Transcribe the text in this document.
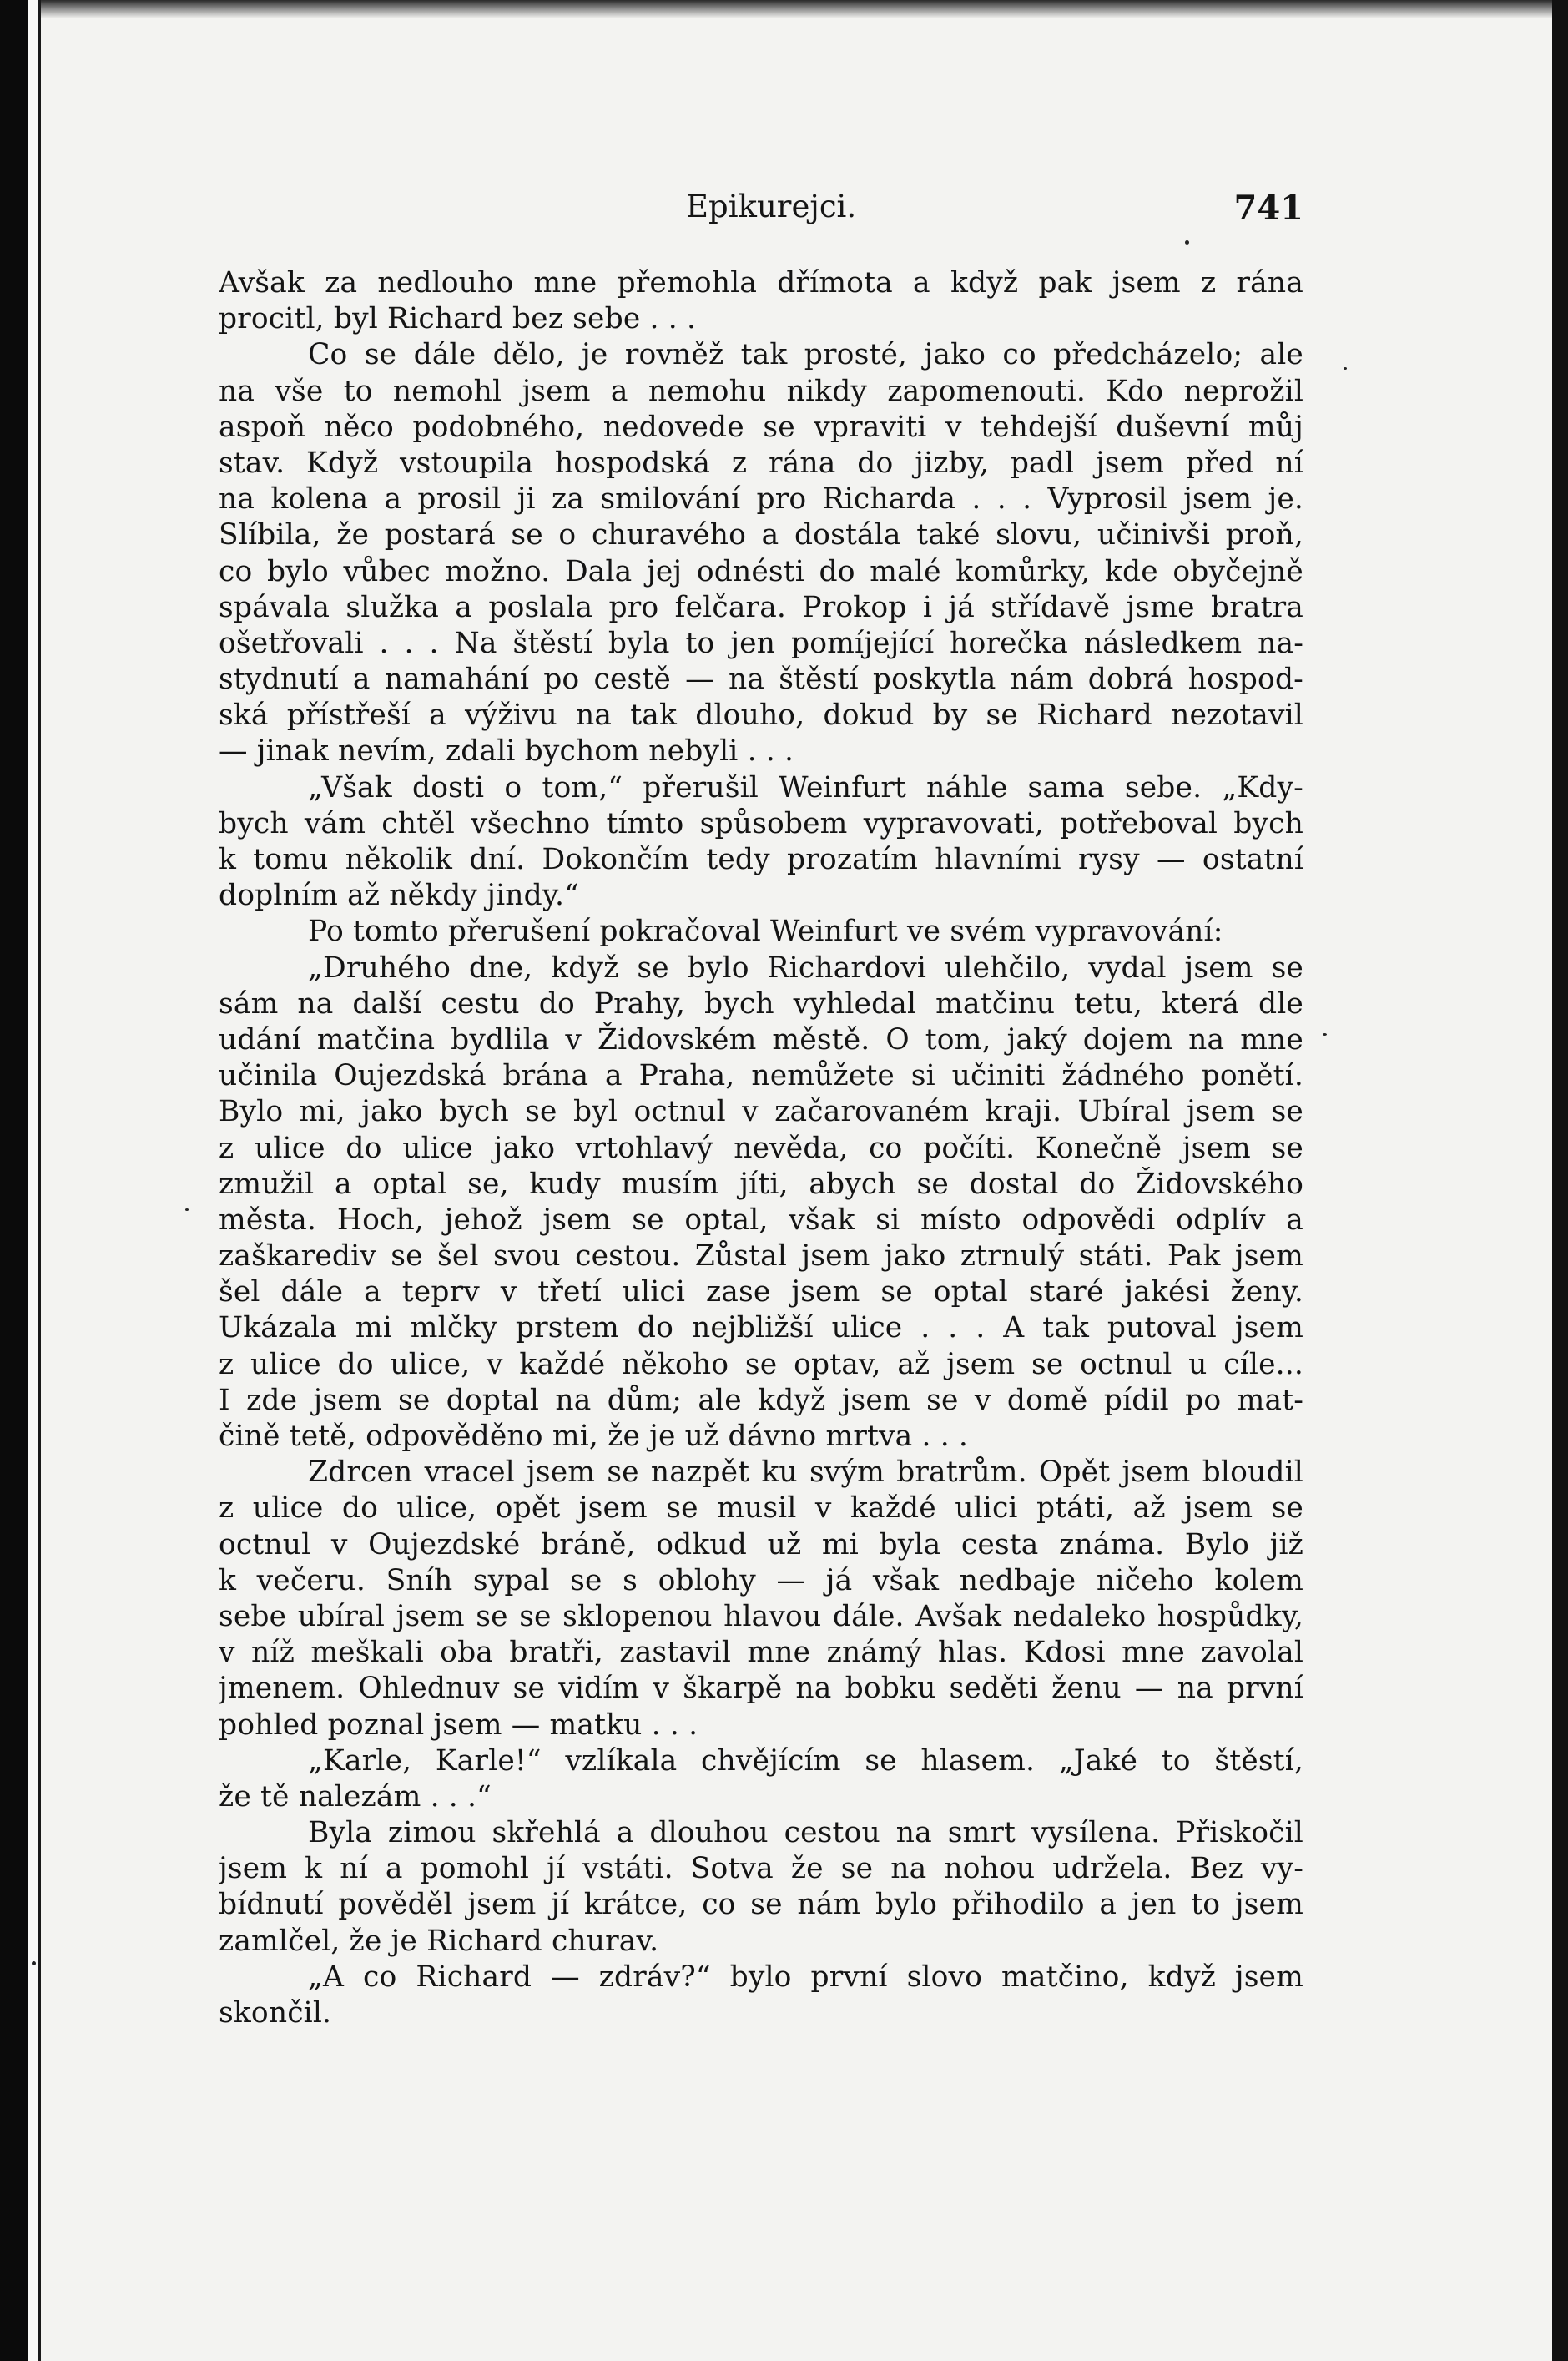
Epikurejci.	741
Avšak za nedlouho mne přemohla dřímota a když pak jsem z rána
procitl, byl Richard bez sebe . . .
Co se dále dělo, je rovněž tak prosté, jako co předcházelo; ale
na vše to nemohl jsem a nemohu nikdy zapomenouti. Kdo neprožil
aspoň něco podobného, nedovede se vpraviti v tehdejší duševní můj
stav. Když vstoupila hospodská z rána do jizby, padl jsem před ní
na kolena a prosil ji za smilování pro Richarda . . . Vyprosil jsem je.
Slíbila, že postará se o churavého a dostála také slovu, učinivši proň,
co bylo vůbec možno. Dala jej odnésti do malé komůrky, kde obyčejně
spávala služka a poslala pro felčara. Prokop i já střídavě jsme bratra
ošetřovali . . . Na štěstí byla to jen pomíjející horečka následkem na-
stydnutí a namahání po cestě — na štěstí poskytla nám dobrá hospod-
ská přístřeší a výživu na tak dlouho, dokud by se Richard nezotavil
— jinak nevím, zdali bychom nebyli . . .
„Však dosti o tom,“ přerušil Weinfurt náhle sama sebe. „Kdy-
bych vám chtěl všechno tímto spůsobem vypravovati, potřeboval bych
k tomu několik dní. Dokončím tedy prozatím hlavními rysy — ostatní
doplním až někdy jindy.“
Po tomto přerušení pokračoval Weinfurt ve svém vypravování:
„Druhého dne, když se bylo Richardovi ulehčilo, vydal jsem se
sám na další cestu do Prahy, bych vyhledal matčinu tetu, která dle
udání matčina bydlila v Židovském městě. O tom, jaký dojem na mne
učinila Oujezdská brána a Praha, nemůžete si učiniti žádného ponětí.
Bylo mi, jako bych se byl octnul v začarovaném kraji. Ubíral jsem se
z ulice do ulice jako vrtohlavý nevěda, co počíti. Konečně jsem se
zmužil a optal se, kudy musím jíti, abych se dostal do Židovského
města. Hoch, jehož jsem se optal, však si místo odpovědi odplív a
zaškarediv se šel svou cestou. Zůstal jsem jako ztrnulý státi. Pak jsem
šel dále a teprv v třetí ulici zase jsem se optal staré jakési ženy.
Ukázala mi mlčky prstem do nejbližší ulice . . . A tak putoval jsem
z ulice do ulice, v každé někoho se optav, až jsem se octnul u cíle...
I zde jsem se doptal na dům; ale když jsem se v domě pídil po mat-
čině tetě, odpověděno mi, že je už dávno mrtva . . .
Zdrcen vracel jsem se nazpět ku svým bratrům. Opět jsem bloudil
z ulice do ulice, opět jsem se musil v každé ulici ptáti, až jsem se
octnul v Oujezdské bráně, odkud už mi byla cesta známa. Bylo již
k večeru. Sníh sypal se s oblohy — já však nedbaje ničeho kolem
sebe ubíral jsem se se sklopenou hlavou dále. Avšak nedaleko hospůdky,
v níž meškali oba bratři, zastavil mne známý hlas. Kdosi mne zavolal
jmenem. Ohlednuv se vidím v škarpě na bobku seděti ženu — na první
pohled poznal jsem — matku . . .
„Karle, Karle!“ vzlíkala chvějícím se hlasem. „Jaké to štěstí,
že tě nalezám . . .“
Byla zimou skřehlá a dlouhou cestou na smrt vysílena. Přiskočil
jsem k ní a pomohl jí vstáti. Sotva že se na nohou udržela. Bez vy-
bídnutí pověděl jsem jí krátce, co se nám bylo přihodilo a jen to jsem
zamlčel, že je Richard churav.
„A co Richard — zdráv?“ bylo první slovo matčino, když jsem
skončil.
